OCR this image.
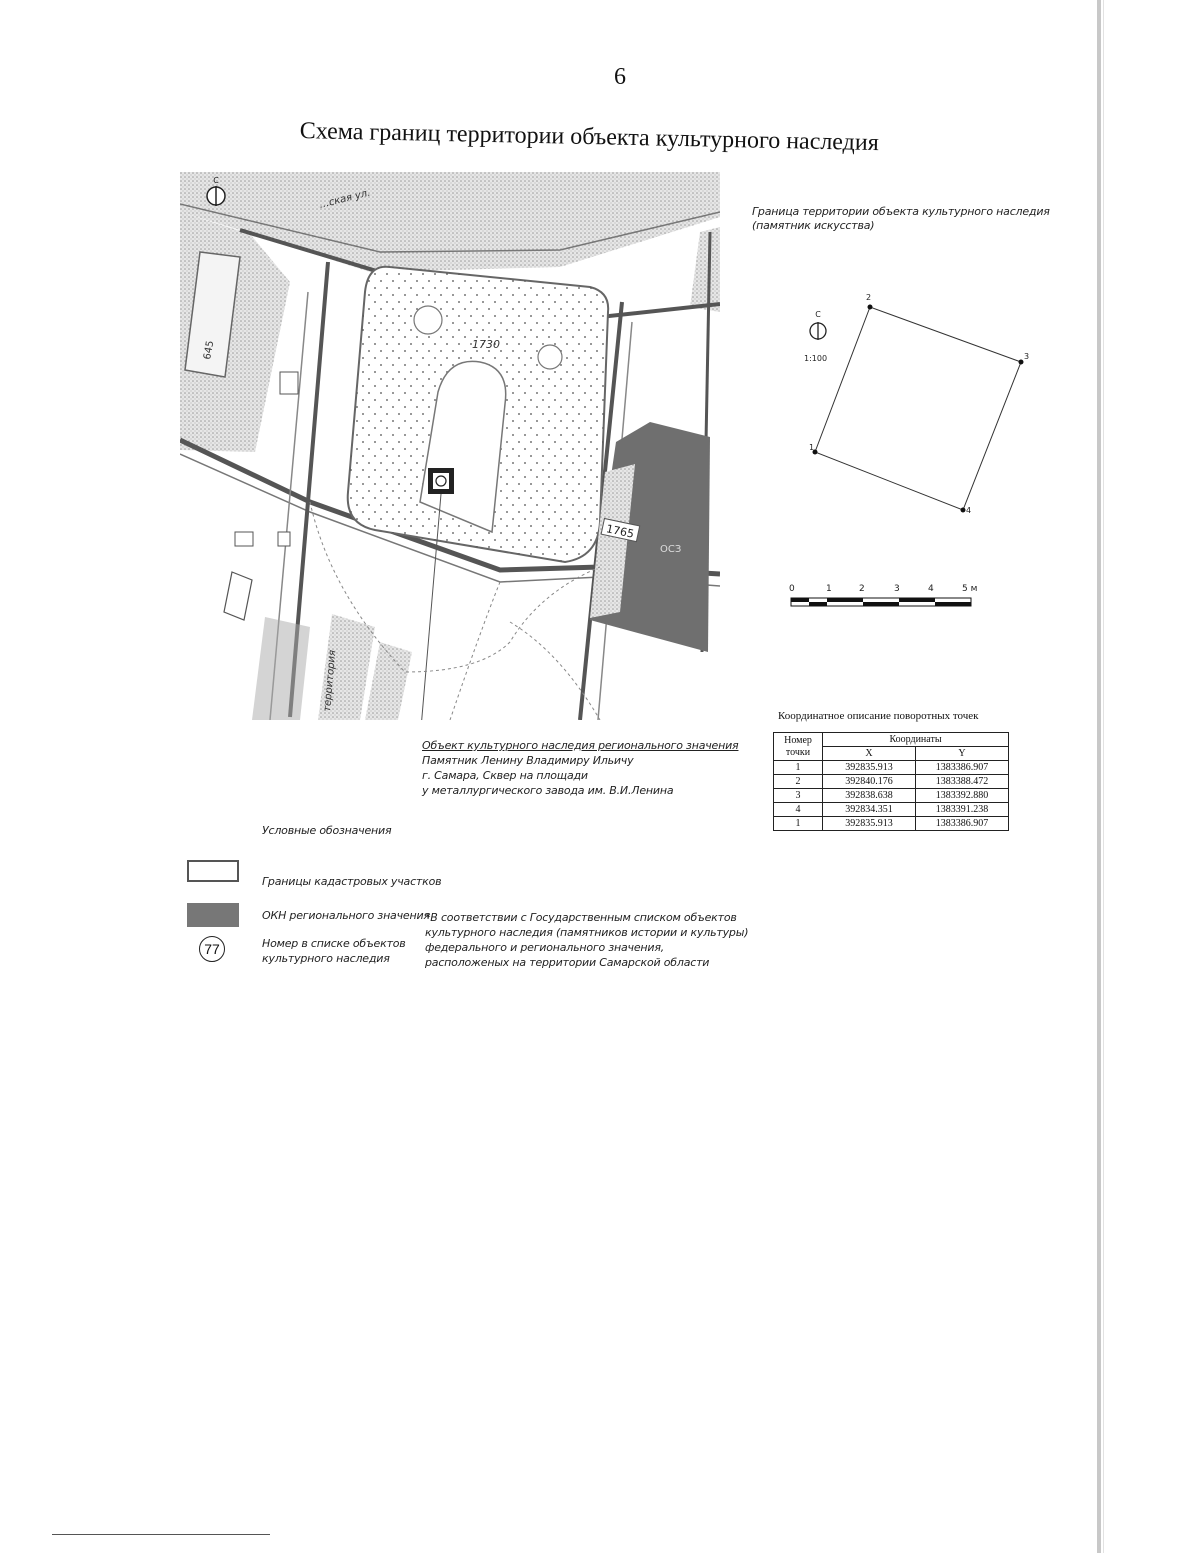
6
Схема границ территории объекта культурного наследия
С
…ская ул.
1730
1765
645
ОСЗ
территория
Граница территории объекта культурного наследия
(памятник искусства)
С
1:100
1
2
3
4
0	1	2	3	4	5 м
Координатное описание поворотных точек
Номер точки	Координаты	
	X	Y
1	392835.913	1383386.907
2	392840.176	1383388.472
3	392838.638	1383392.880
4	392834.351	1383391.238
1	392835.913	1383386.907
Объект культурного наследия регионального значения
Памятник Ленину Владимиру Ильичу
г. Самара, Сквер на площади
у металлургического завода им. В.И.Ленина
Условные обозначения
Границы кадастровых участков
ОКН регионального значения
77	Номер в списке объектов культурного наследия
*В соответствии с Государственным списком объектов
культурного наследия (памятников истории и культуры)
федерального и регионального значения,
расположеных на территории Самарской области
